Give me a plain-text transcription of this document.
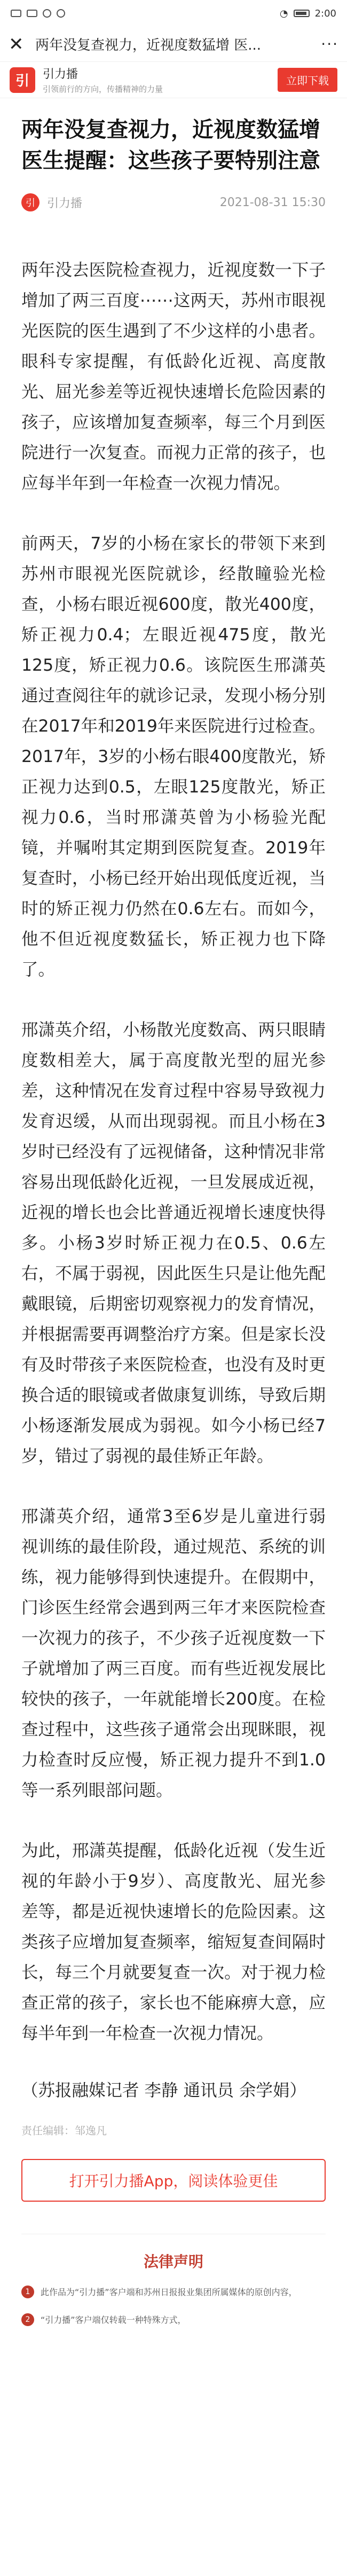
◔	2:00
✕ 两年没复查视力，近视度数猛增 医...	···
引	引力播
引领前行的方向，传播精神的力量
立即下载
两年没复查视力，近视度数猛增医生提醒：这些孩子要特别注意
引	引力播	2021-08-31 15:30

两年没去医院检查视力，近视度数一下子增加了两三百度⋯⋯这两天，苏州市眼视光医院的医生遇到了不少这样的小患者。眼科专家提醒，有低龄化近视、高度散光、屈光参差等近视快速增长危险因素的孩子，应该增加复查频率，每三个月到医院进行一次复查。而视力正常的孩子，也应每半年到一年检查一次视力情况。

前两天，7岁的小杨在家长的带领下来到苏州市眼视光医院就诊，经散瞳验光检查，小杨右眼近视600度，散光400度，矫正视力0.4；左眼近视475度，散光125度，矫正视力0.6。该院医生邢潇英通过查阅往年的就诊记录，发现小杨分别在2017年和2019年来医院进行过检查。2017年，3岁的小杨右眼400度散光，矫正视力达到0.5，左眼125度散光，矫正视力0.6，当时邢潇英曾为小杨验光配镜，并嘱咐其定期到医院复查。2019年复查时，小杨已经开始出现低度近视，当时的矫正视力仍然在0.6左右。而如今，他不但近视度数猛长，矫正视力也下降了。

邢潇英介绍，小杨散光度数高、两只眼睛度数相差大，属于高度散光型的屈光参差，这种情况在发育过程中容易导致视力发育迟缓，从而出现弱视。而且小杨在3岁时已经没有了远视储备，这种情况非常容易出现低龄化近视，一旦发展成近视，近视的增长也会比普通近视增长速度快得多。小杨3岁时矫正视力在0.5、0.6左右，不属于弱视，因此医生只是让他先配戴眼镜，后期密切观察视力的发育情况，并根据需要再调整治疗方案。但是家长没有及时带孩子来医院检查，也没有及时更换合适的眼镜或者做康复训练，导致后期小杨逐渐发展成为弱视。如今小杨已经7岁，错过了弱视的最佳矫正年龄。

邢潇英介绍，通常3至6岁是儿童进行弱视训练的最佳阶段，通过规范、系统的训练，视力能够得到快速提升。在假期中，门诊医生经常会遇到两三年才来医院检查一次视力的孩子，不少孩子近视度数一下子就增加了两三百度。而有些近视发展比较快的孩子，一年就能增长200度。在检查过程中，这些孩子通常会出现眯眼，视力检查时反应慢，矫正视力提升不到1.0等一系列眼部问题。

为此，邢潇英提醒，低龄化近视（发生近视的年龄小于9岁）、高度散光、屈光参差等，都是近视快速增长的危险因素。这类孩子应增加复查频率，缩短复查间隔时长，每三个月就要复查一次。对于视力检查正常的孩子，家长也不能麻痹大意，应每半年到一年检查一次视力情况。

（苏报融媒记者 李静 通讯员 余学娟）

责任编辑：邹逸凡

打开引力播App，阅读体验更佳
法律声明
1	此作品为“引力播”客户端和苏州日报报业集团所属媒体的原创内容，
2	“引力播”客户端仅转载一种特殊方式，
